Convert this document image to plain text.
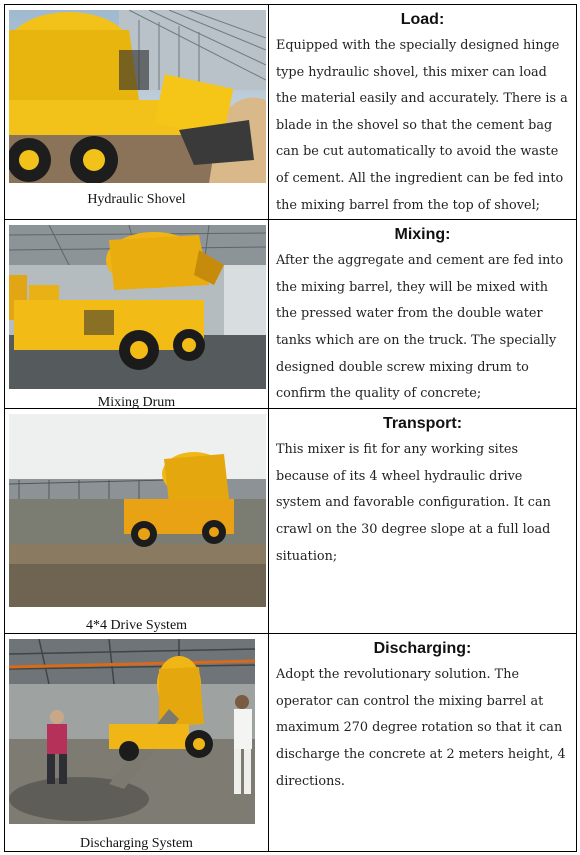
Hydraulic Shovel	Load:
Equipped with the specially designed hinge type hydraulic shovel, this mixer can load the material easily and accurately. There is a blade in the shovel so that the cement bag can be cut automatically to avoid the waste of cement. All the ingredient can be fed into the mixing barrel from the top of shovel;

Mixing Drum	Mixing:
After the aggregate and cement are fed into the mixing barrel, they will be mixed with the pressed water from the double water tanks which are on the truck. The specially designed double screw mixing drum to confirm the quality of concrete;

4*4 Drive System	Transport:
This mixer is fit for any working sites because of its 4 wheel hydraulic drive system and favorable configuration. It can crawl on the 30 degree slope at a full load situation;

Discharging System	Discharging:
Adopt the revolutionary solution. The operator can control the mixing barrel at maximum 270 degree rotation so that it can discharge the concrete at 2 meters height, 4 directions.
